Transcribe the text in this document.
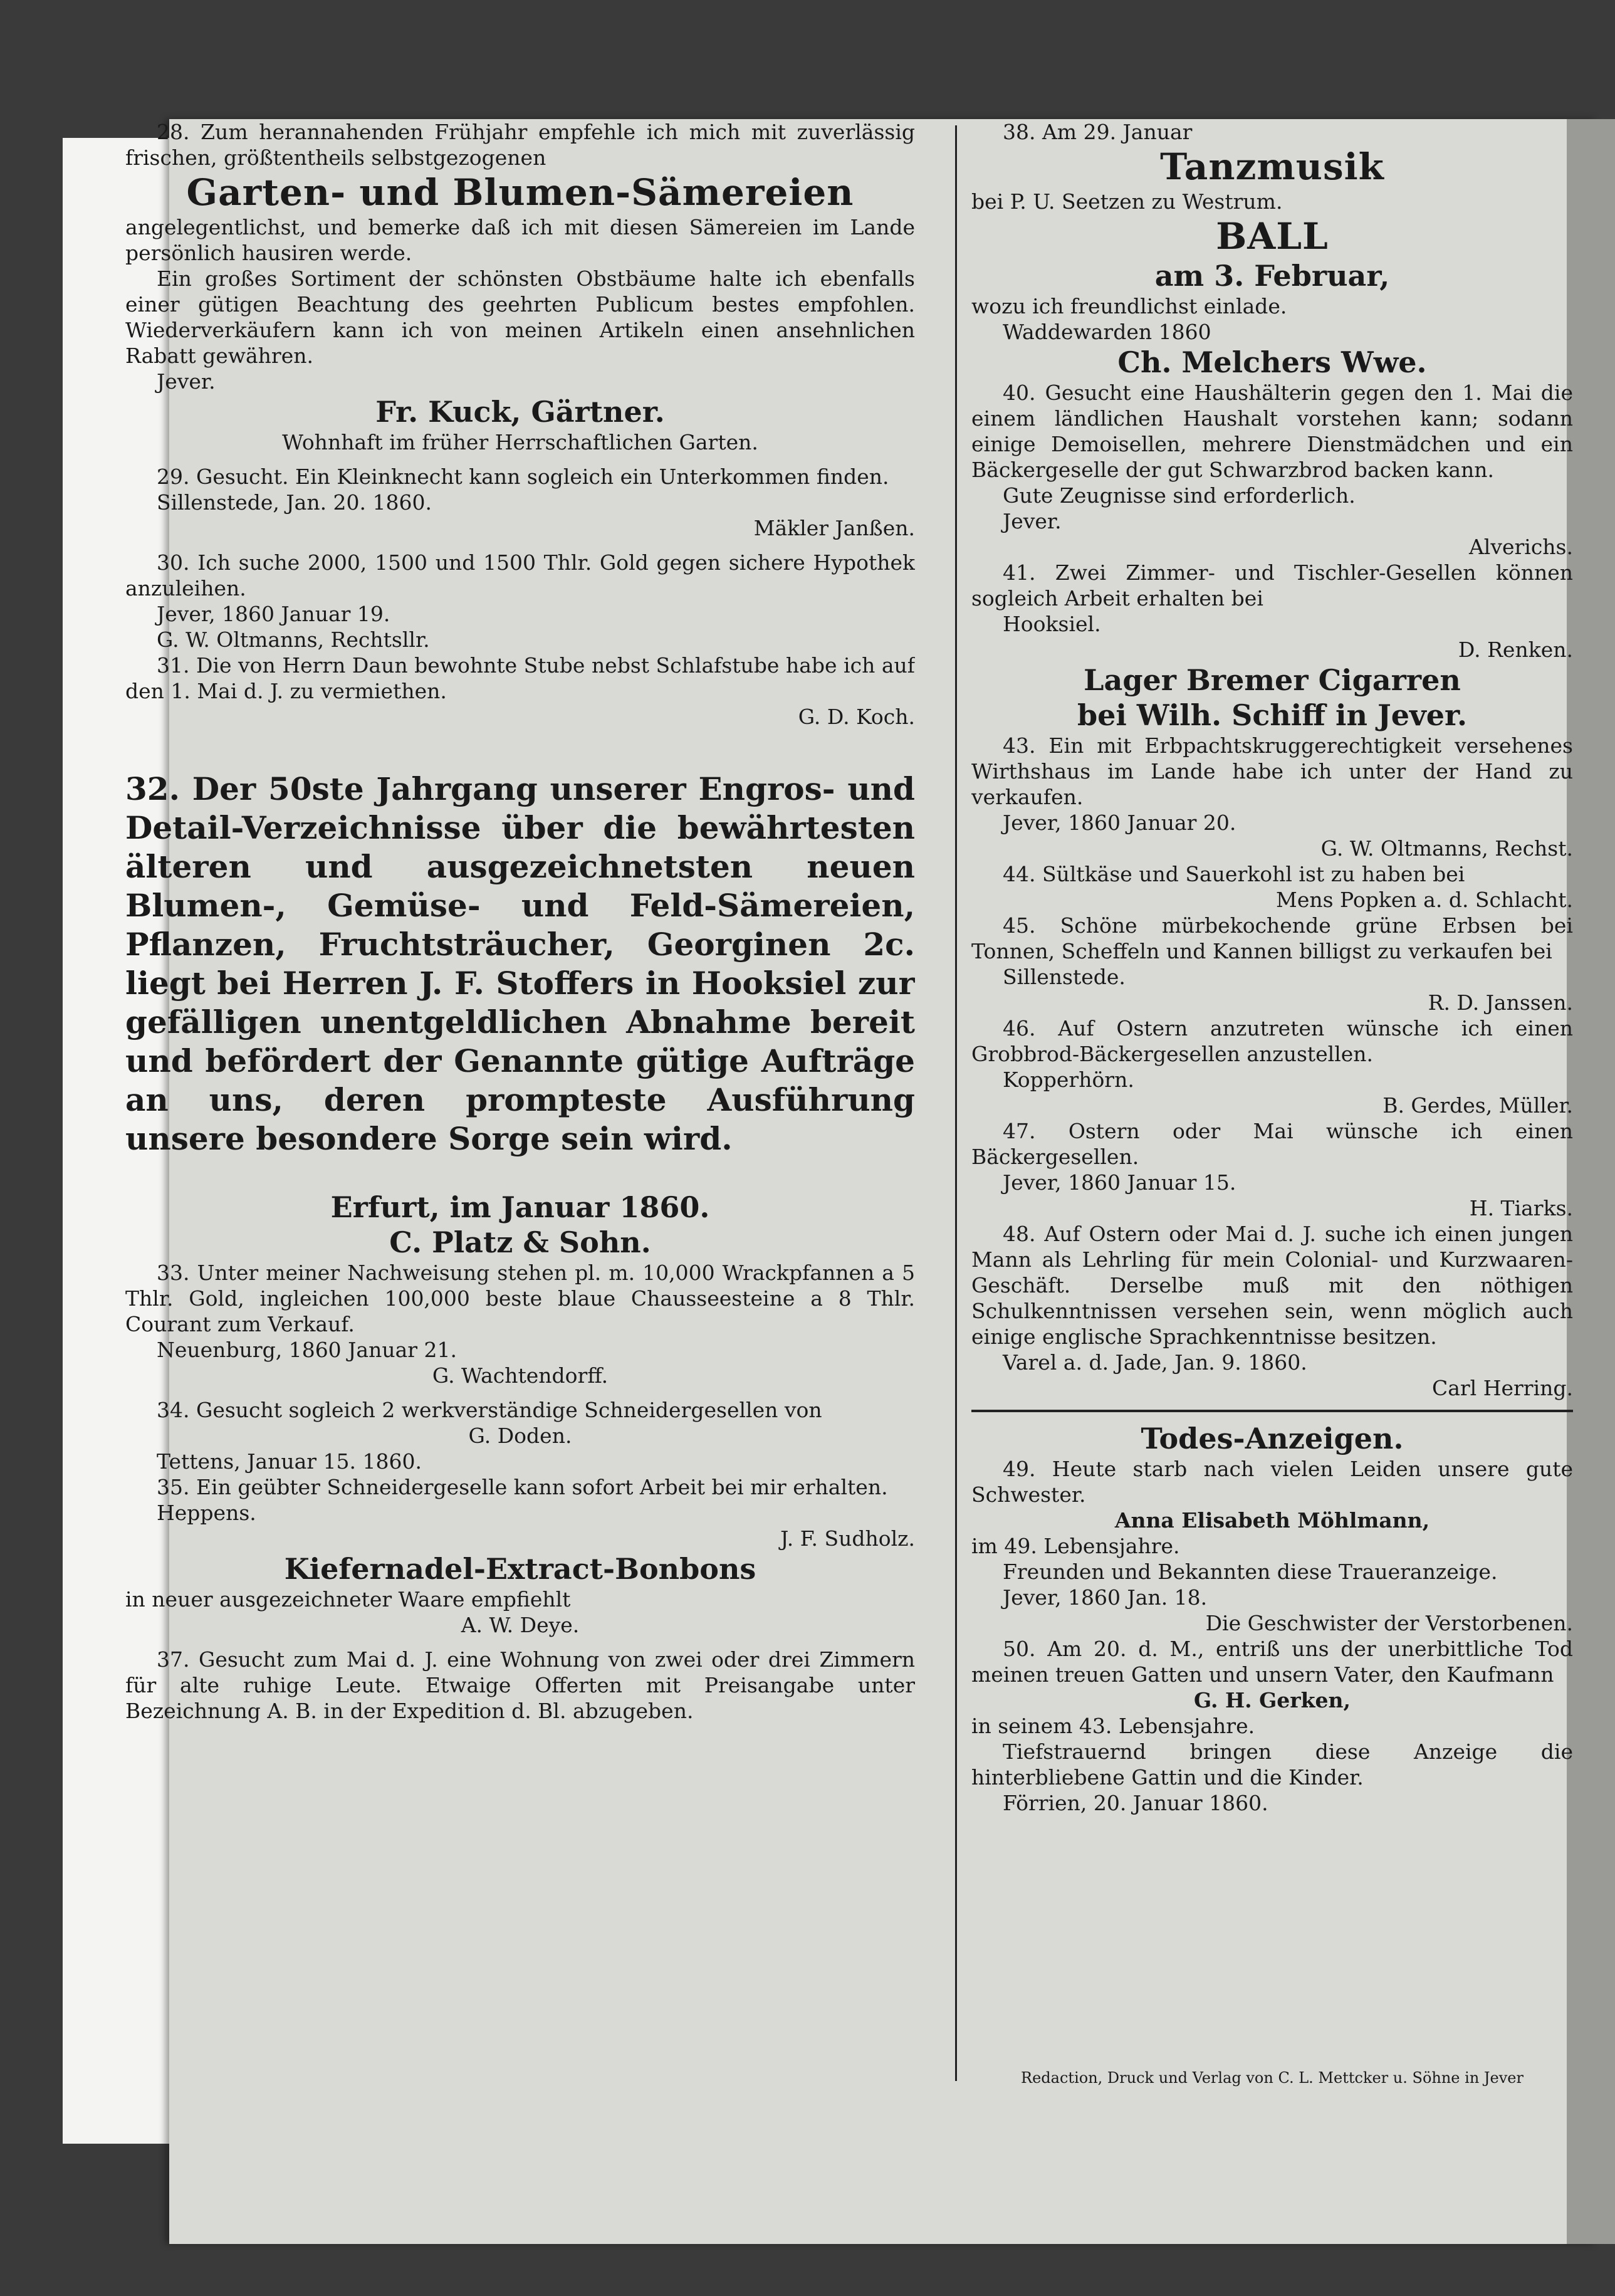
28. Zum herannahenden Frühjahr empfehle ich mich mit zuverlässig frischen, größtentheils selbstgezogenen

Garten- und Blumen-Sämereien

angelegentlichst, und bemerke daß ich mit diesen Sämereien im Lande persönlich hausiren werde.

Ein großes Sortiment der schönsten Obstbäume halte ich ebenfalls einer gütigen Beachtung des geehrten Publicum bestes empfohlen. Wiederverkäufern kann ich von meinen Artikeln einen ansehnlichen Rabatt gewähren.

Jever.

Fr. Kuck, Gärtner.

Wohnhaft im früher Herrschaftlichen Garten.

29. Gesucht. Ein Kleinknecht kann sogleich ein Unterkommen finden.

Sillenstede, Jan. 20. 1860.

Mäkler Janßen.

30. Ich suche 2000, 1500 und 1500 Thlr. Gold gegen sichere Hypothek anzuleihen.

Jever, 1860 Januar 19.

G. W. Oltmanns, Rechtsllr.

31. Die von Herrn Daun bewohnte Stube nebst Schlafstube habe ich auf den 1. Mai d. J. zu vermiethen.

G. D. Koch.

32. Der 50ste Jahrgang unserer Engros- und Detail-Verzeichnisse über die bewährtesten älteren und ausgezeichnetsten neuen Blumen-, Gemüse- und Feld-Sämereien, Pflanzen, Fruchtsträucher, Georginen 2c. liegt bei Herren J. F. Stoffers in Hooksiel zur gefälligen unentgeldlichen Abnahme bereit und befördert der Genannte gütige Aufträge an uns, deren prompteste Ausführung unsere besondere Sorge sein wird.

Erfurt, im Januar 1860.
C. Platz & Sohn.

33. Unter meiner Nachweisung stehen pl. m. 10,000 Wrackpfannen a 5 Thlr. Gold, ingleichen 100,000 beste blaue Chausseesteine a 8 Thlr. Courant zum Verkauf.

Neuenburg, 1860 Januar 21.

G. Wachtendorff.

34. Gesucht sogleich 2 werkverständige Schneidergesellen von

G. Doden.

Tettens, Januar 15. 1860.

35. Ein geübter Schneidergeselle kann sofort Arbeit bei mir erhalten.

Heppens.

J. F. Sudholz.

Kiefernadel-Extract-Bonbons

in neuer ausgezeichneter Waare empfiehlt

A. W. Deye.

37. Gesucht zum Mai d. J. eine Wohnung von zwei oder drei Zimmern für alte ruhige Leute. Etwaige Offerten mit Preisangabe unter Bezeichnung A. B. in der Expedition d. Bl. abzugeben.

38. Am 29. Januar

Tanzmusik

bei P. U. Seetzen zu Westrum.

BALL
am 3. Februar,

wozu ich freundlichst einlade.

Waddewarden 1860

Ch. Melchers Wwe.

40. Gesucht eine Haushälterin gegen den 1. Mai die einem ländlichen Haushalt vorstehen kann; sodann einige Demoisellen, mehrere Dienstmädchen und ein Bäckergeselle der gut Schwarzbrod backen kann.

Gute Zeugnisse sind erforderlich.

Jever.

Alverichs.

41. Zwei Zimmer- und Tischler-Gesellen können sogleich Arbeit erhalten bei

Hooksiel.

D. Renken.

Lager Bremer Cigarren
bei Wilh. Schiff in Jever.

43. Ein mit Erbpachtskruggerechtigkeit versehenes Wirthshaus im Lande habe ich unter der Hand zu verkaufen.

Jever, 1860 Januar 20.

G. W. Oltmanns, Rechst.

44. Sültkäse und Sauerkohl ist zu haben bei

Mens Popken a. d. Schlacht.

45. Schöne mürbekochende grüne Erbsen bei Tonnen, Scheffeln und Kannen billigst zu verkaufen bei

Sillenstede.

R. D. Janssen.

46. Auf Ostern anzutreten wünsche ich einen Grobbrod-Bäckergesellen anzustellen.

Kopperhörn.

B. Gerdes, Müller.

47. Ostern oder Mai wünsche ich einen Bäckergesellen.

Jever, 1860 Januar 15.

H. Tiarks.

48. Auf Ostern oder Mai d. J. suche ich einen jungen Mann als Lehrling für mein Colonial- und Kurzwaaren-Geschäft. Derselbe muß mit den nöthigen Schulkenntnissen versehen sein, wenn möglich auch einige englische Sprachkenntnisse besitzen.

Varel a. d. Jade, Jan. 9. 1860.

Carl Herring.

Todes-Anzeigen.

49. Heute starb nach vielen Leiden unsere gute Schwester.

Anna Elisabeth Möhlmann,

im 49. Lebensjahre.

Freunden und Bekannten diese Traueranzeige.

Jever, 1860 Jan. 18.

Die Geschwister der Verstorbenen.

50. Am 20. d. M., entriß uns der unerbittliche Tod meinen treuen Gatten und unsern Vater, den Kaufmann

G. H. Gerken,

in seinem 43. Lebensjahre.

Tiefstrauernd bringen diese Anzeige die hinterbliebene Gattin und die Kinder.

Förrien, 20. Januar 1860.

Redaction, Druck und Verlag von C. L. Mettcker u. Söhne in Jever
